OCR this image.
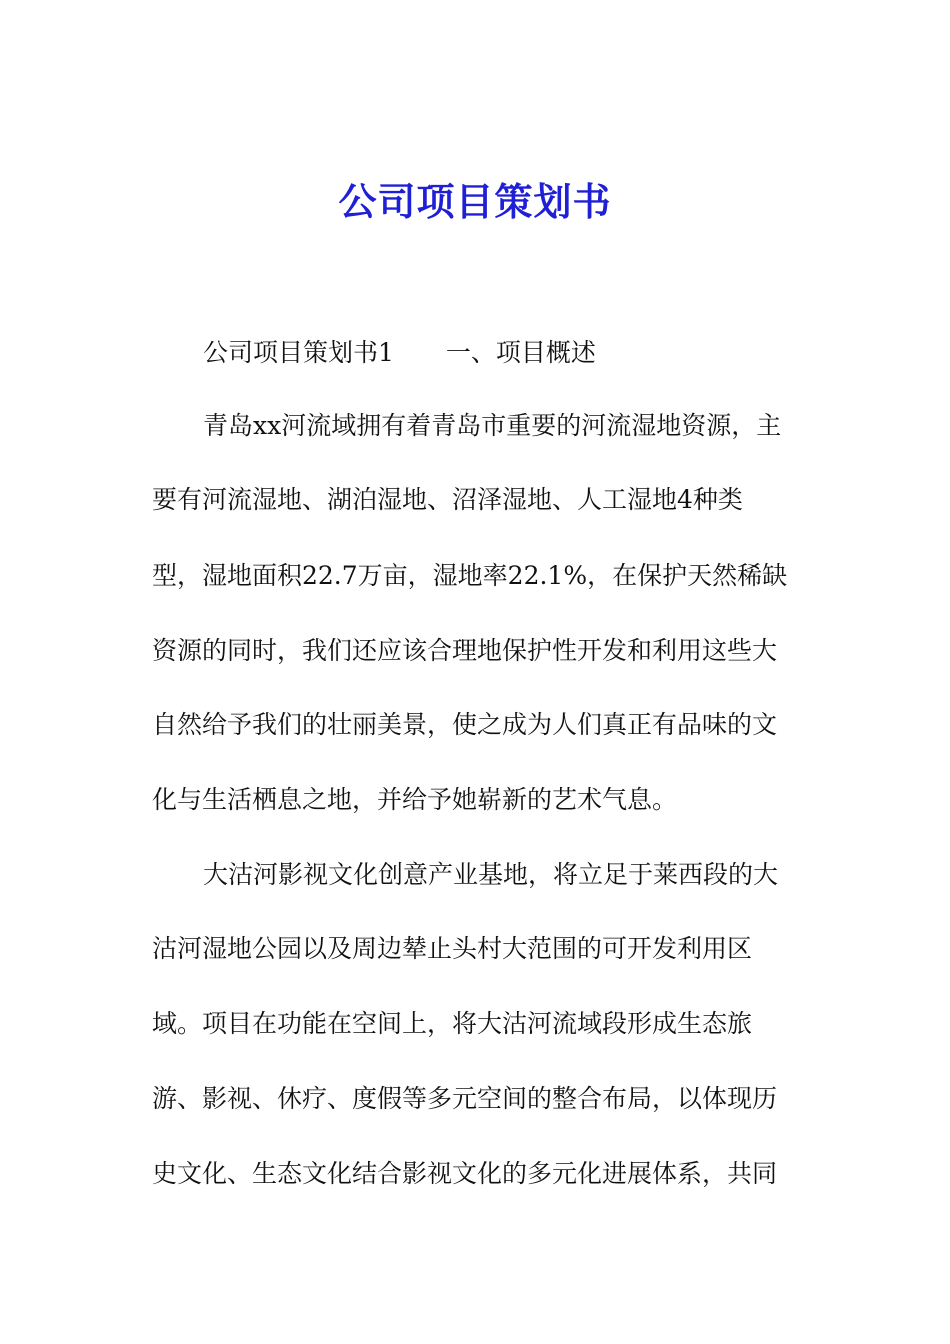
公司项目策划书
公司项目策划书1 一、项目概述
青岛xx河流域拥有着青岛市重要的河流湿地资源，主
要有河流湿地、湖泊湿地、沼泽湿地、人工湿地4种类
型，湿地面积22.7万亩，湿地率22.1%，在保护天然稀缺
资源的同时，我们还应该合理地保护性开发和利用这些大
自然给予我们的壮丽美景，使之成为人们真正有品味的文
化与生活栖息之地，并给予她崭新的艺术气息。
大沽河影视文化创意产业基地，将立足于莱西段的大
沽河湿地公园以及周边辇止头村大范围的可开发利用区
域。项目在功能在空间上，将大沽河流域段形成生态旅
游、影视、休疗、度假等多元空间的整合布局，以体现历
史文化、生态文化结合影视文化的多元化进展体系，共同
